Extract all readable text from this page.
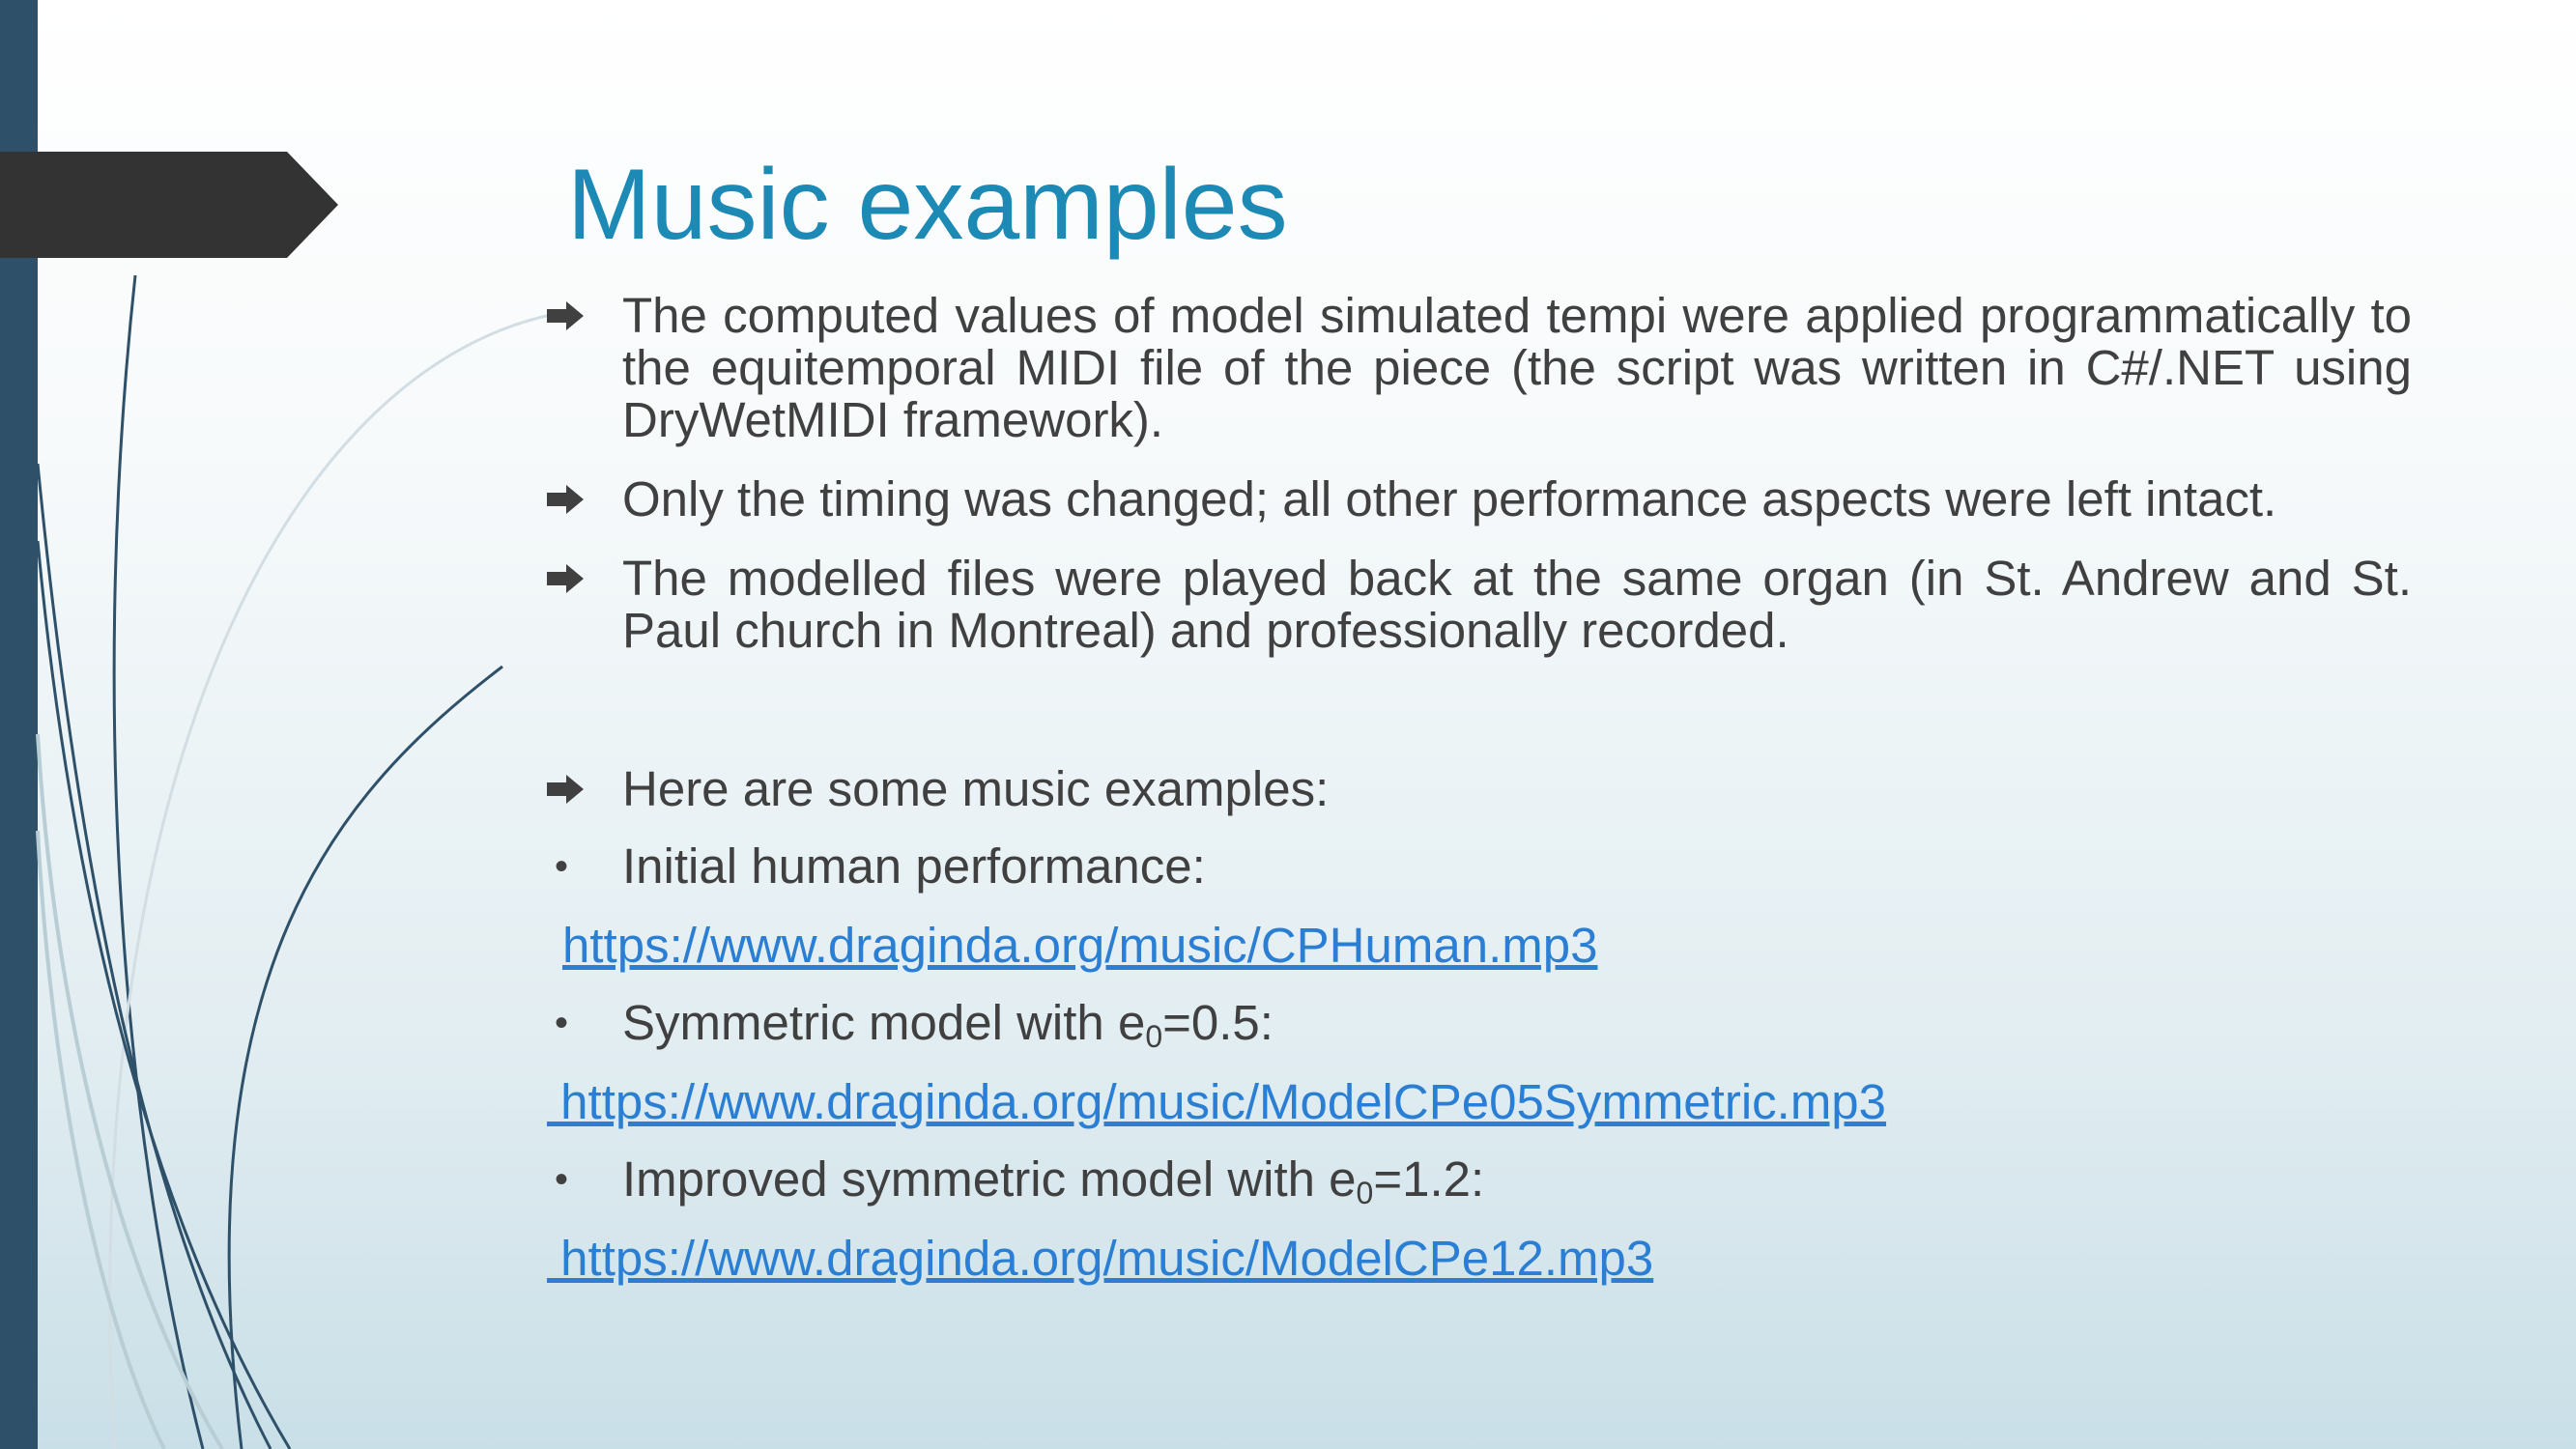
Music examples
The computed values of model simulated tempi were applied programmatically to the equitemporal MIDI file of the piece (the script was written in C#/.NET using DryWetMIDI framework).
Only the timing was changed; all other performance aspects were left intact.
The modelled files were played back at the same organ (in St. Andrew and St. Paul church in Montreal) and professionally recorded.
Here are some music examples:
• Initial human performance:
https://www.draginda.org/music/CPHuman.mp3
• Symmetric model with $e_0=0.5$:
https://www.draginda.org/music/ModelCPe05Symmetric.mp3
• Improved symmetric model with $e_0=1.2$:
https://www.draginda.org/music/ModelCPe12.mp3
